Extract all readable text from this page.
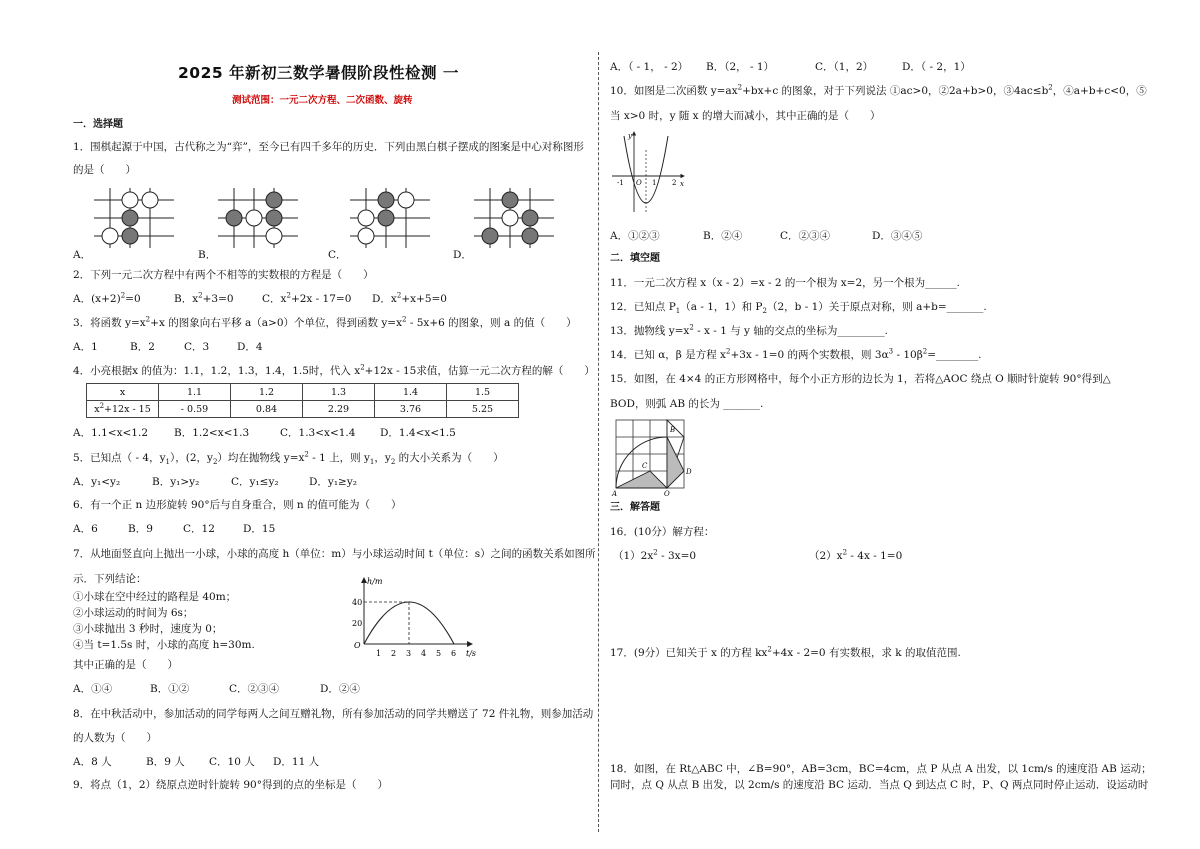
2025 年新初三数学暑假阶段性检测 一
测试范围：一元二次方程、二次函数、旋转
一．选择题
1．围棋起源于中国，古代称之为“弈”，至今已有四千多年的历史．下列由黑白棋子摆成的图案是中心对称图形
的是（　　）
A．	B．	C．	D．
2．下列一元二次方程中有两个不相等的实数根的方程是（　　）
A．$(x+2)^2=0$	B．$x^2+3=0$	C．$x^2+2x - 17=0$ D．$x^2+x+5=0$
3．将函数 $y=x^2+x$ 的图象向右平移 a（a>0）个单位，得到函数 $y=x^2 - 5x+6$ 的图象，则 a 的值（　　）
A．1	B．2	C．3	D．4
4．小亮根据x 的值为：1.1，1.2，1.3，1.4，1.5时，代入 $x^2+12x - 15$求值，估算一元二次方程的解（　　）
x	1.1	1.2	1.3	1.4	1.5
$x^2+12x - 15$	- 0.59	0.84	2.29	3.76	5.25
A．1.1<x<1.2 B．1.2<x<1.3	C．1.3<x<1.4 D．1.4<x<1.5
5．已知点（ - 4，$y_1$），(2，$y_2$）均在抛物线 $y=x^2 - 1$ 上，则 $y_1$，$y_2$ 的大小关系为（　　）
A．y₁<y₂	B．y₁>y₂	C．y₁≤y₂	D．y₁≥y₂
6．有一个正 n 边形旋转 90°后与自身重合，则 n 的值可能为（　　）
A．6	B．9	C．12	D．15
7．从地面竖直向上抛出一小球，小球的高度 h（单位：m）与小球运动时间 t（单位：s）之间的函数关系如图所
示．下列结论：
①小球在空中经过的路程是 40m；
②小球运动的时间为 6s；
③小球抛出 3 秒时，速度为 0；
④当 t=1.5s 时，小球的高度 h=30m.
其中正确的是（　　）
h/m
t/s
O
40
20
1 2 3 4 5 6
A．①④	B．①②	C．②③④	D．②④
8．在中秋活动中，参加活动的同学每两人之间互赠礼物，所有参加活动的同学共赠送了 72 件礼物，则参加活动
的人数为（　　）
A．8 人	B．9 人 C．10 人 D．11 人
9．将点（1，2）绕原点逆时针旋转 90°得到的点的坐标是（　　）
A．（ - 1， - 2） B．（2， - 1）	C．（1，2）	D．（ - 2，1）
10．如图是二次函数 $y=ax^2+bx+c$ 的图象，对于下列说法 ①ac>0，②2a+b>0，$③4ac\le b^2$，④a+b+c<0，⑤
当 x>0 时，y 随 x 的增大而减小，其中正确的是（　　）
y
x
O
-1	1 2
A．①②③	B．②④	C．②③④	D．③④⑤
二．填空题
11．一元二次方程 x（x - 2）=x - 2 的一个根为 x=2，另一个根为______.
12．已知点 $P_1(a - 1$，1）和 $P_2(2$，b - 1）关于原点对称，则 a+b=_______.
13．抛物线 $y=x^2 - x - 1$ 与 y 轴的交点的坐标为_________.
14．已知 α，β 是方程 $x^2+3x - 1=0$ 的两个实数根，则 $3\alpha^3$ - $10\beta^2=\_\_\_\_\_\_\_\_$.
15．如图，在 4×4 的正方形网格中，每个小正方形的边长为 1，若将△AOC 绕点 O 顺时针旋转 90°得到△
BOD，则弧 AB 的长为 _______.
A	O
B
C
D
三．解答题
16．(10分）解方程：
$(1)2x^2 - 3x=0$	$(2)x^2 - 4x - 1=0$
17．(9分）已知关于 x 的方程 $kx^2+4x - 2=0$ 有实数根，求 k 的取值范围.
18．如图，在 Rt△ABC 中，∠B=90°，AB=3cm，BC=4cm，点 P 从点 A 出发，以 1cm/s 的速度沿 AB 运动；
同时，点 Q 从点 B 出发，以 2cm/s 的速度沿 BC 运动．当点 Q 到达点 C 时，P、Q 两点同时停止运动．设运动时
